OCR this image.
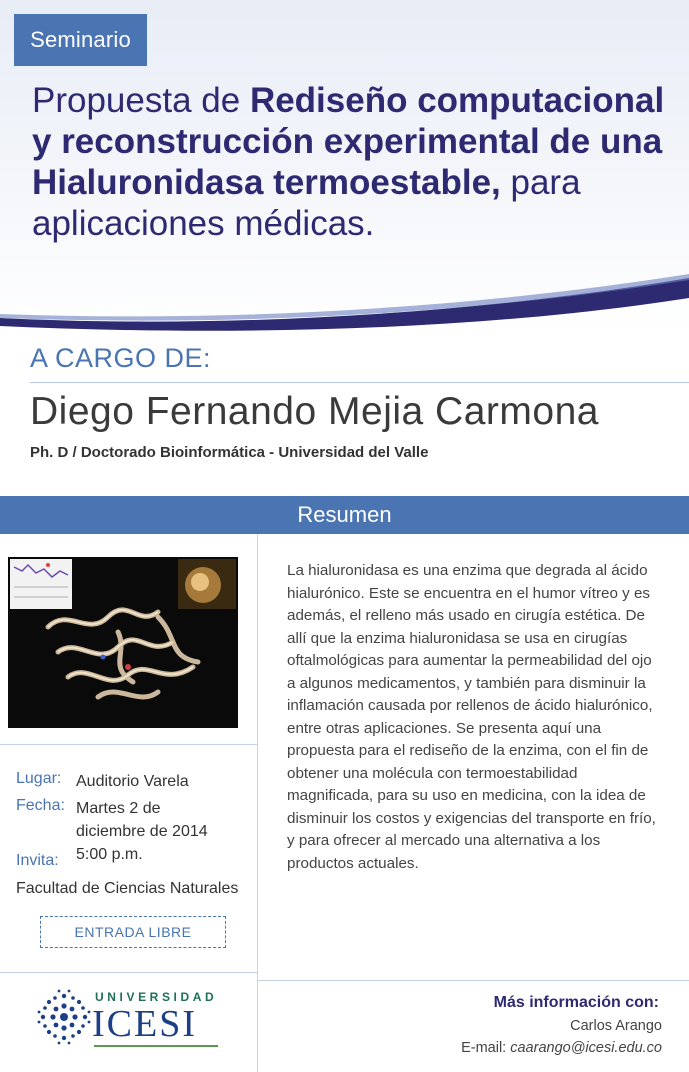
Seminario
Propuesta de Rediseño computacional y reconstrucción experimental de una Hialuronidasa termoestable, para aplicaciones médicas.
A CARGO DE:
Diego Fernando Mejia Carmona
Ph. D / Doctorado Bioinformática - Universidad del Valle
Resumen
La hialuronidasa es una enzima que degrada al ácido hialurónico. Este se encuentra en el humor vítreo y es además, el relleno más usado en cirugía estética. De allí que la enzima hialuronidasa se usa en cirugías oftalmológicas para aumentar la permeabilidad del ojo a algunos medicamentos, y también para disminuir la inflamación causada por rellenos de ácido hialurónico, entre otras aplicaciones. Se presenta aquí una propuesta para el rediseño de la enzima, con el fin de obtener una molécula con termoestabilidad magnificada, para su uso en medicina, con la idea de disminuir los costos y exigencias del transporte en frío, y para ofrecer al mercado una alternativa a los productos actuales.
Lugar: Auditorio Varela
Fecha: Martes 2 de diciembre de 2014
5:00 p.m.
Invita:
Facultad de Ciencias Naturales
ENTRADA LIBRE
UNIVERSIDAD
ICESI
Más información con:
Carlos Arango
E-mail: caarango@icesi.edu.co
